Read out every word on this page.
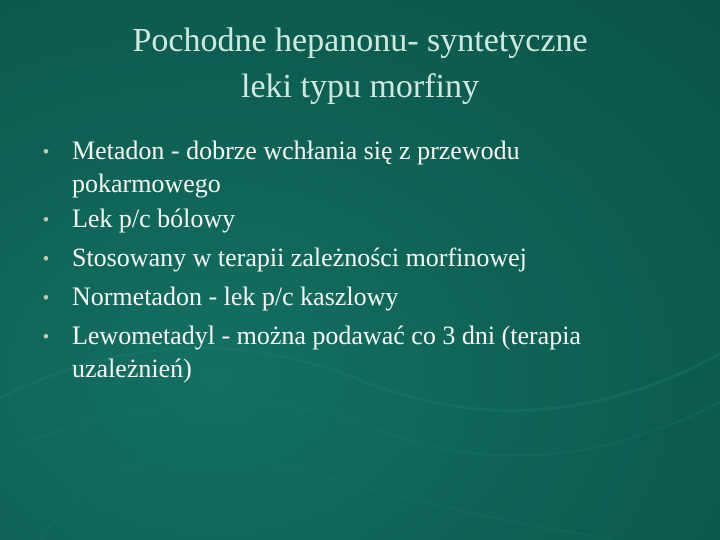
Pochodne hepanonu- syntetyczne
leki typu morfiny
• Metadon - dobrze wchłania się z przewodu pokarmowego
• Lek p/c bólowy
• Stosowany w terapii zależności morfinowej
• Normetadon - lek p/c kaszlowy
• Lewometadyl - można podawać co 3 dni (terapia uzależnień)
